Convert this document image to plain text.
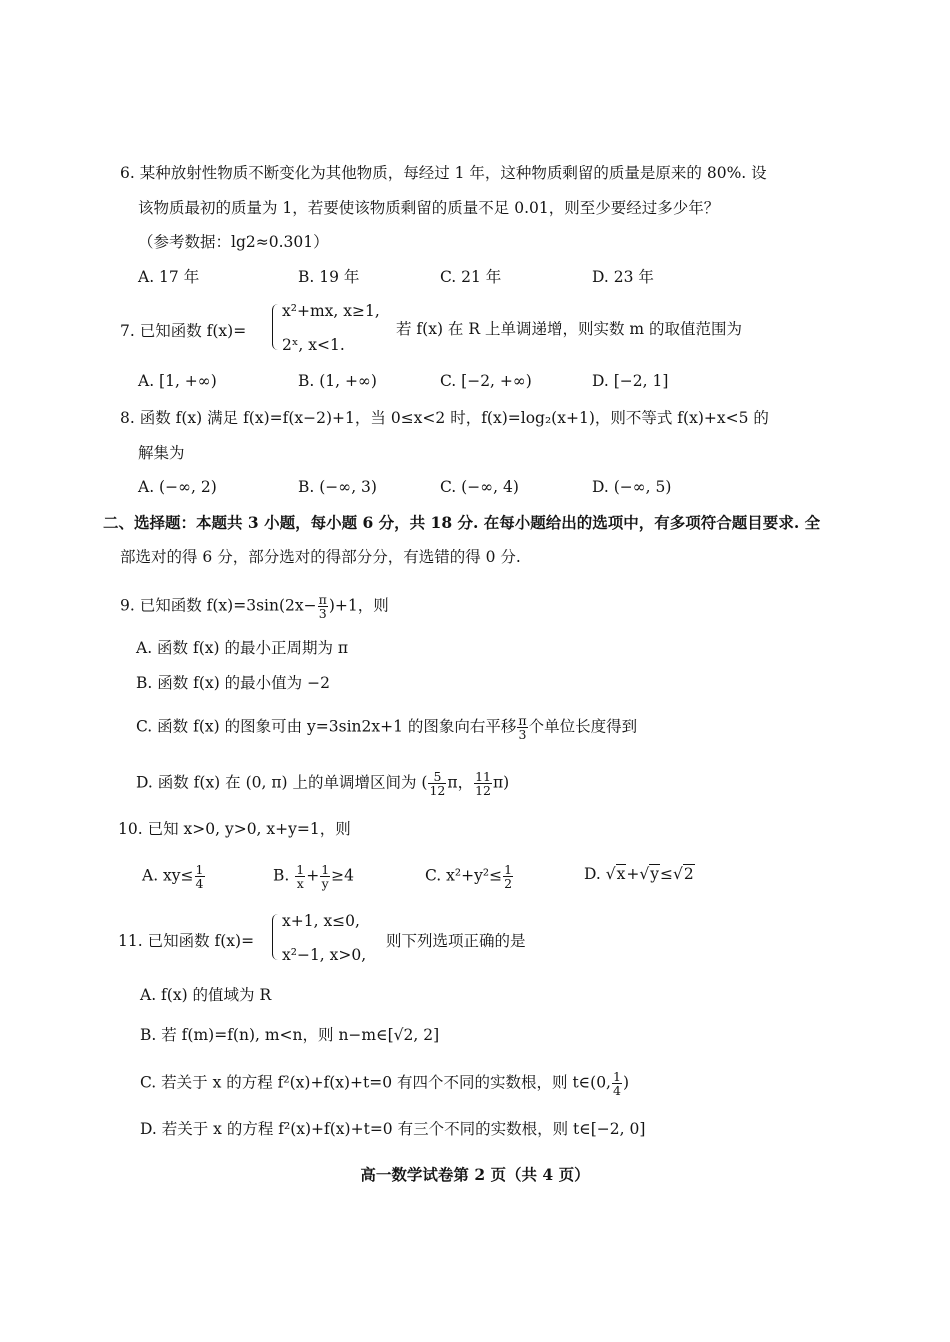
6. 某种放射性物质不断变化为其他物质，每经过 1 年，这种物质剩留的质量是原来的 80%. 设
该物质最初的质量为 1，若要使该物质剩留的质量不足 0.01，则至少要经过多少年？
（参考数据：lg2≈0.301）
A. 17 年	B. 19 年	C. 21 年	D. 23 年
7. 已知函数 f(x)=
x²+mx, x≥1,
2ˣ, x<1.
若 f(x) 在 R 上单调递增，则实数 m 的取值范围为
A. [1, +∞)	B. (1, +∞)	C. [−2, +∞)	D. [−2, 1]
8. 函数 f(x) 满足 f(x)=f(x−2)+1，当 0≤x<2 时，f(x)=log₂(x+1)，则不等式 f(x)+x<5 的
解集为
A. (−∞, 2)	B. (−∞, 3)	C. (−∞, 4)	D. (−∞, 5)
二、选择题：本题共 3 小题，每小题 6 分，共 18 分. 在每小题给出的选项中，有多项符合题目要求. 全
部选对的得 6 分，部分选对的得部分分，有选错的得 0 分.
9. 已知函数 $f(x)=3\sin(2x- \frac{\pi}{3} )+1$，则
A. 函数 f(x) 的最小正周期为 π
B. 函数 f(x) 的最小值为 −2
C. 函数 f(x) 的图象可由 y=3sin2x+1 的图象向右平移 $\frac{\pi}{3}$ 个单位长度得到
D. 函数 f(x) 在 (0, π) 上的单调增区间为 ( $\frac{5}{12}$ π， $\frac{11}{12} \pi$)
10. 已知 x>0, y>0, x+y=1，则
A. $xy\le \frac{1}{4}$	B. $\frac{1}{x} + \frac{1}{y} \ge 4$	C. $x^2+y^2\le \frac{1}{2}$	D. √x+√y≤√2
11. 已知函数 f(x)=
x+1, x≤0,
x²−1, x>0,
则下列选项正确的是
A. f(x) 的值域为 R
B. 若 f(m)=f(n), m<n，则 n−m∈[√2, 2]
C. 若关于 x 的方程 f²(x)+f(x)+t=0 有四个不同的实数根，则 t∈(0, $\frac{1}{4}$ )
D. 若关于 x 的方程 f²(x)+f(x)+t=0 有三个不同的实数根，则 t∈[−2, 0]
高一数学试卷第 2 页（共 4 页）
